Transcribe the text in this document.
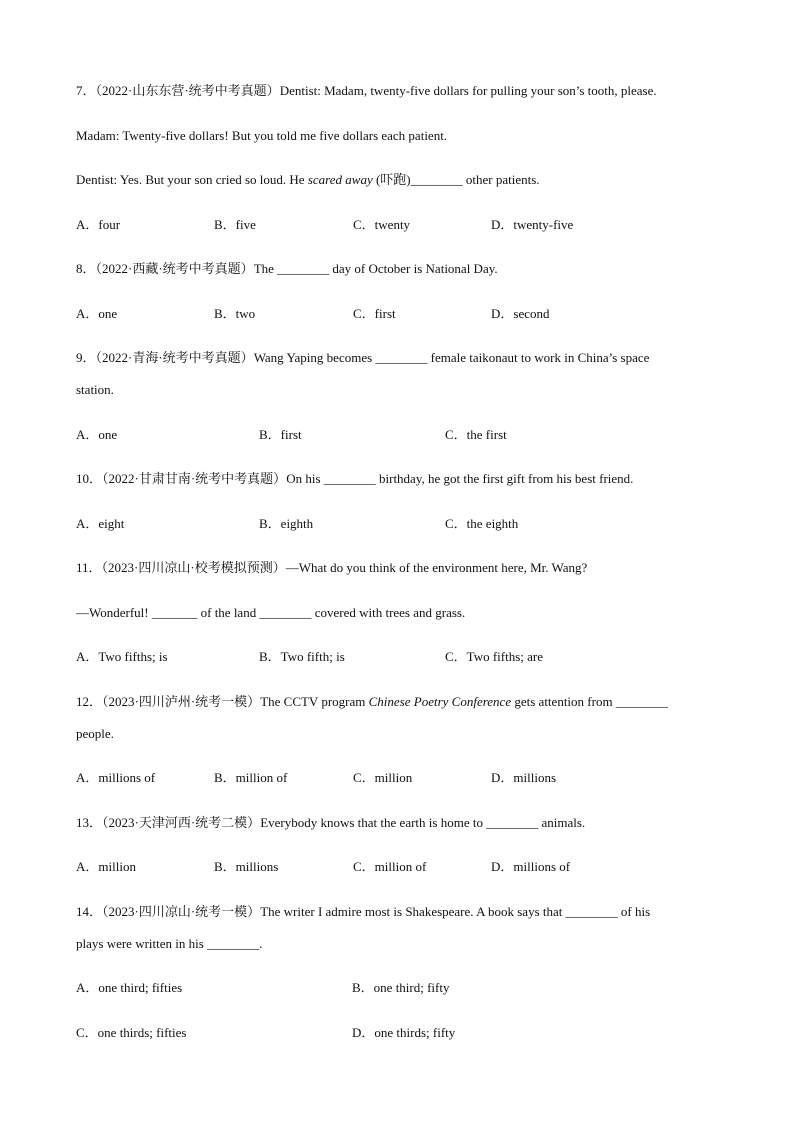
7．（2022·山东东营·统考中考真题）Dentist: Madam, twenty-five dollars for pulling your son’s tooth, please.
Madam: Twenty-five dollars! But you told me five dollars each patient.
Dentist: Yes. But your son cried so loud. He scared away (吓跑)________ other patients.
A．four	B．five	C．twenty	D．twenty-five
8．（2022·西藏·统考中考真题）The ________ day of October is National Day.
A．one	B．two	C．first	D．second
9．（2022·青海·统考中考真题）Wang Yaping becomes ________ female taikonaut to work in China’s space
station.
A．one	B．first	C．the first
10．（2022·甘肃甘南·统考中考真题）On his ________ birthday, he got the first gift from his best friend.
A．eight	B．eighth	C．the eighth
11．（2023·四川凉山·校考模拟预测）—What do you think of the environment here, Mr. Wang?
—Wonderful! _______ of the land ________ covered with trees and grass.
A．Two fifths; is	B．Two fifth; is	C．Two fifths; are
12．（2023·四川泸州·统考一模）The CCTV program Chinese Poetry Conference gets attention from ________
people.
A．millions of	B．million of	C．million	D．millions
13．（2023·天津河西·统考二模）Everybody knows that the earth is home to ________ animals.
A．million	B．millions	C．million of	D．millions of
14．（2023·四川凉山·统考一模）The writer I admire most is Shakespeare. A book says that ________ of his
plays were written in his ________.
A．one third; fifties	B．one third; fifty
C．one thirds; fifties	D．one thirds; fifty
